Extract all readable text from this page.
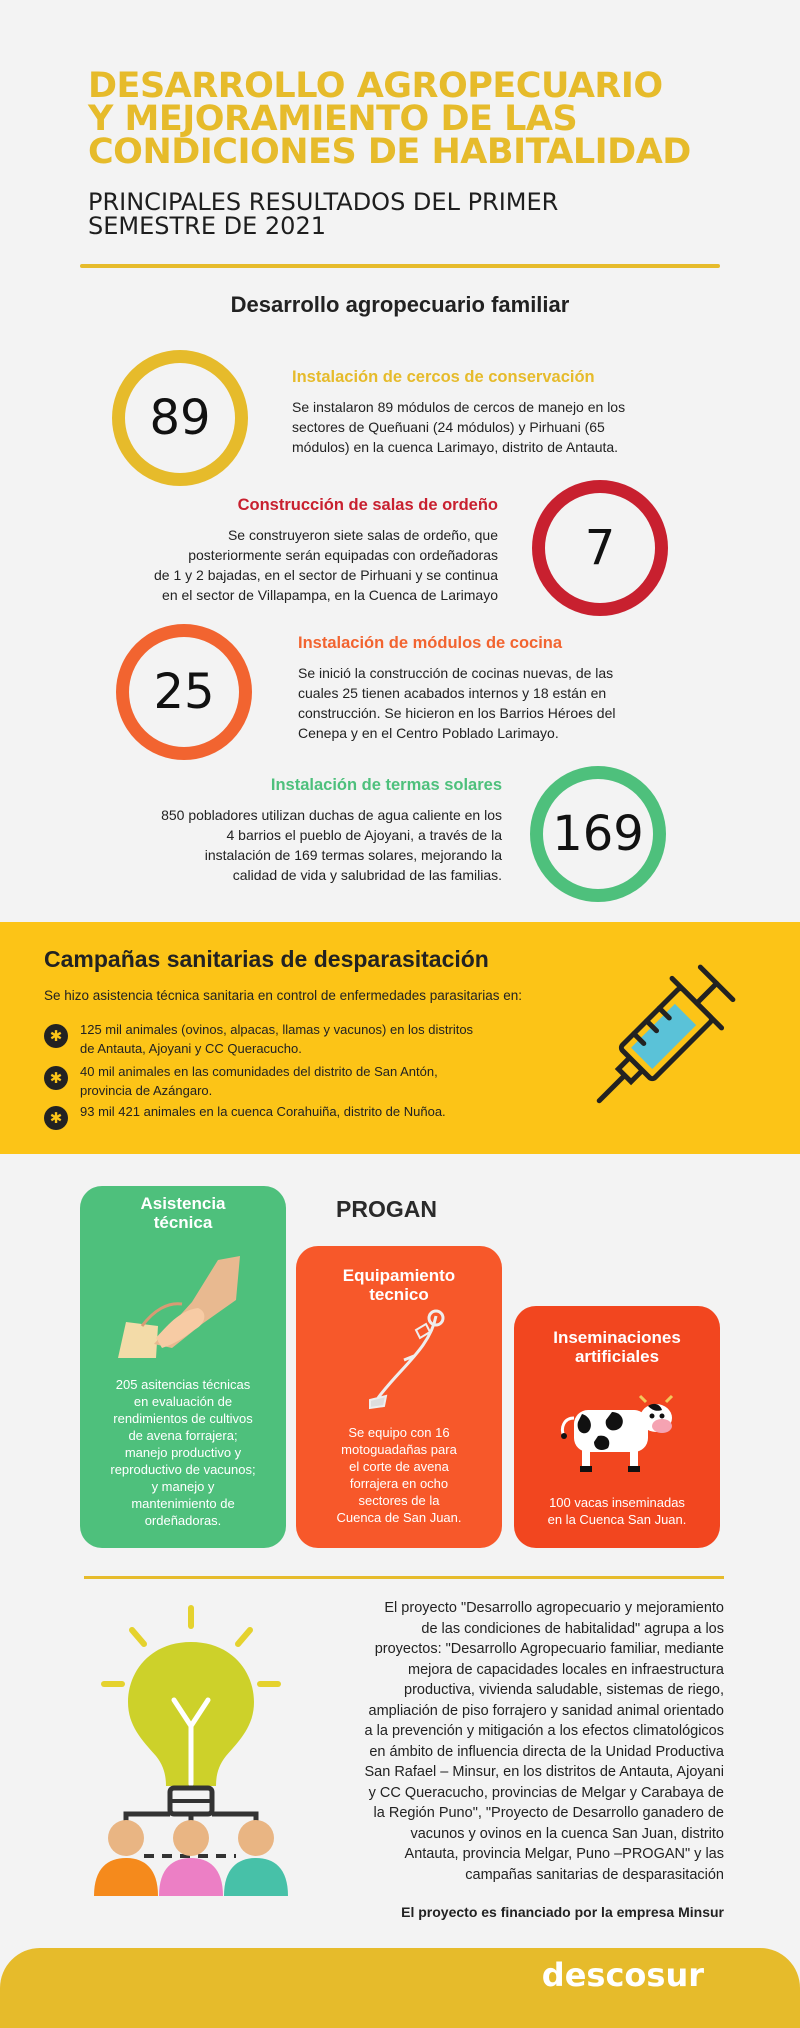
DESARROLLO AGROPECUARIO
Y MEJORAMIENTO DE LAS
CONDICIONES DE HABITALIDAD
PRINCIPALES RESULTADOS DEL PRIMER
SEMESTRE DE 2021
Desarrollo agropecuario familiar
89
Instalación de cercos de conservación
Se instalaron 89 módulos de cercos de manejo en los
sectores de Queñuani (24 módulos) y Pirhuani (65
módulos) en la cuenca Larimayo, distrito de Antauta.
Construcción de salas de ordeño
Se construyeron siete salas de ordeño, que
posteriormente serán equipadas con ordeñadoras
de 1 y 2 bajadas, en el sector de Pirhuani y se continua
en el sector de Villapampa, en la Cuenca de Larimayo
7
25
Instalación de módulos de cocina
Se inició la construcción de cocinas nuevas, de las
cuales 25 tienen acabados internos y 18 están en
construcción. Se hicieron en los Barrios Héroes del
Cenepa y en el Centro Poblado Larimayo.
Instalación de termas solares
850 pobladores utilizan duchas de agua caliente en los
4 barrios el pueblo de Ajoyani, a través de la
instalación de 169 termas solares, mejorando la
calidad de vida y salubridad de las familias.
169
Campañas sanitarias de desparasitación
Se hizo asistencia técnica sanitaria en control de enfermedades parasitarias en:
✱	125 mil animales (ovinos, alpacas, llamas y vacunos) en los distritos
de Antauta, Ajoyani y CC Queracucho.
✱	40 mil animales en las comunidades del distrito de San Antón,
provincia de Azángaro.
✱	93 mil 421 animales en la cuenca Corahuiña, distrito de Nuñoa.
PROGAN
Asistencia
técnica
205 asitencias técnicas
en evaluación de
rendimientos de cultivos
de avena forrajera;
manejo productivo y
reproductivo de vacunos;
y manejo y
mantenimiento de
ordeñadoras.
Equipamiento
tecnico
Se equipo con 16
motoguadañas para
el corte de avena
forrajera en ocho
sectores de la
Cuenca de San Juan.
Inseminaciones
artificiales
100 vacas inseminadas
en la Cuenca San Juan.
El proyecto "Desarrollo agropecuario y mejoramiento
de las condiciones de habitalidad" agrupa a los
proyectos: "Desarrollo Agropecuario familiar, mediante
mejora de capacidades locales en infraestructura
productiva, vivienda saludable, sistemas de riego,
ampliación de piso forrajero y sanidad animal orientado
a la prevención y mitigación a los efectos climatológicos
en ámbito de influencia directa de la Unidad Productiva
San Rafael – Minsur, en los distritos de Antauta, Ajoyani
y CC Queracucho, provincias de Melgar y Carabaya de
la Región Puno", "Proyecto de Desarrollo ganadero de
vacunos y ovinos en la cuenca San Juan, distrito
Antauta, provincia Melgar, Puno –PROGAN" y las
campañas sanitarias de desparasitación
El proyecto es financiado por la empresa Minsur
descosur
